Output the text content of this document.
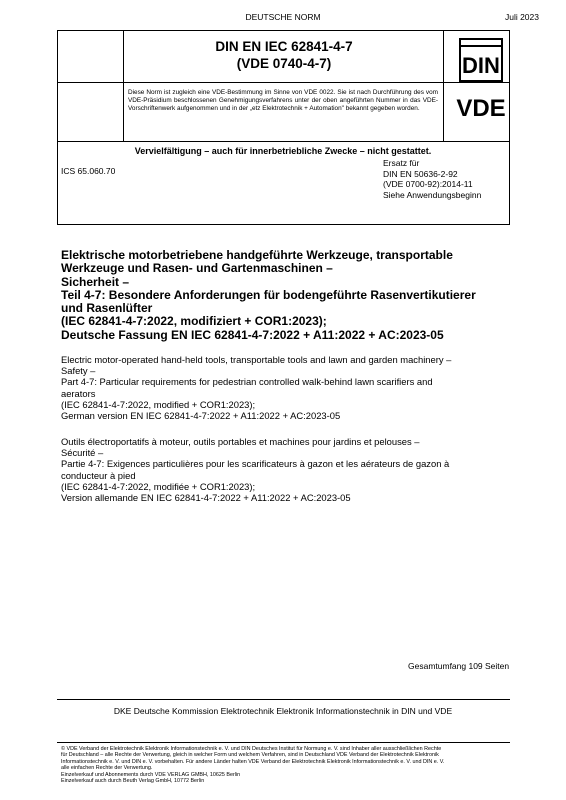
DEUTSCHE NORM	Juli 2023
DIN EN IEC 62841-4-7
(VDE 0740-4-7)	DIN
Diese Norm ist zugleich eine VDE-Bestimmung im Sinne von VDE 0022. Sie ist nach Durchführung des vom VDE-Präsidium beschlossenen Genehmigungsverfahrens unter der oben angeführten Nummer in das VDE-Vorschriftenwerk aufgenommen und in der „etz Elektrotechnik + Automation" bekannt gegeben worden.	VDE
Vervielfältigung – auch für innerbetriebliche Zwecke – nicht gestattet.
ICS 65.060.70
Ersatz für
DIN EN 50636-2-92
(VDE 0700-92):2014-11
Siehe Anwendungsbeginn
Elektrische motorbetriebene handgeführte Werkzeuge, transportable
Werkzeuge und Rasen- und Gartenmaschinen –
Sicherheit –
Teil 4-7: Besondere Anforderungen für bodengeführte Rasenvertikutierer
und Rasenlüfter
(IEC 62841-4-7:2022, modifiziert + COR1:2023);
Deutsche Fassung EN IEC 62841-4-7:2022 + A11:2022 + AC:2023-05
Electric motor-operated hand-held tools, transportable tools and lawn and garden machinery –
Safety –
Part 4-7: Particular requirements for pedestrian controlled walk-behind lawn scarifiers and
aerators
(IEC 62841-4-7:2022, modified + COR1:2023);
German version EN IEC 62841-4-7:2022 + A11:2022 + AC:2023-05
Outils électroportatifs à moteur, outils portables et machines pour jardins et pelouses –
Sécurité –
Partie 4-7: Exigences particulières pour les scarificateurs à gazon et les aérateurs de gazon à
conducteur à pied
(IEC 62841-4-7:2022, modifiée + COR1:2023);
Version allemande EN IEC 62841-4-7:2022 + A11:2022 + AC:2023-05
Gesamtumfang 109 Seiten
DKE Deutsche Kommission Elektrotechnik Elektronik Informationstechnik in DIN und VDE
© VDE Verband der Elektrotechnik Elektronik Informationstechnik e. V. und DIN Deutsches Institut für Normung e. V. sind Inhaber aller ausschließlichen Rechte
für Deutschland – alle Rechte der Verwertung, gleich in welcher Form und welchem Verfahren, sind in Deutschland VDE Verband der Elektrotechnik Elektronik
Informationstechnik e. V. und DIN e. V. vorbehalten. Für andere Länder halten VDE Verband der Elektrotechnik Elektronik Informationstechnik e. V. und DIN e. V.
alle einfachen Rechte der Verwertung.
Einzelverkauf und Abonnements durch VDE VERLAG GMBH, 10625 Berlin
Einzelverkauf auch durch Beuth Verlag GmbH, 10772 Berlin
